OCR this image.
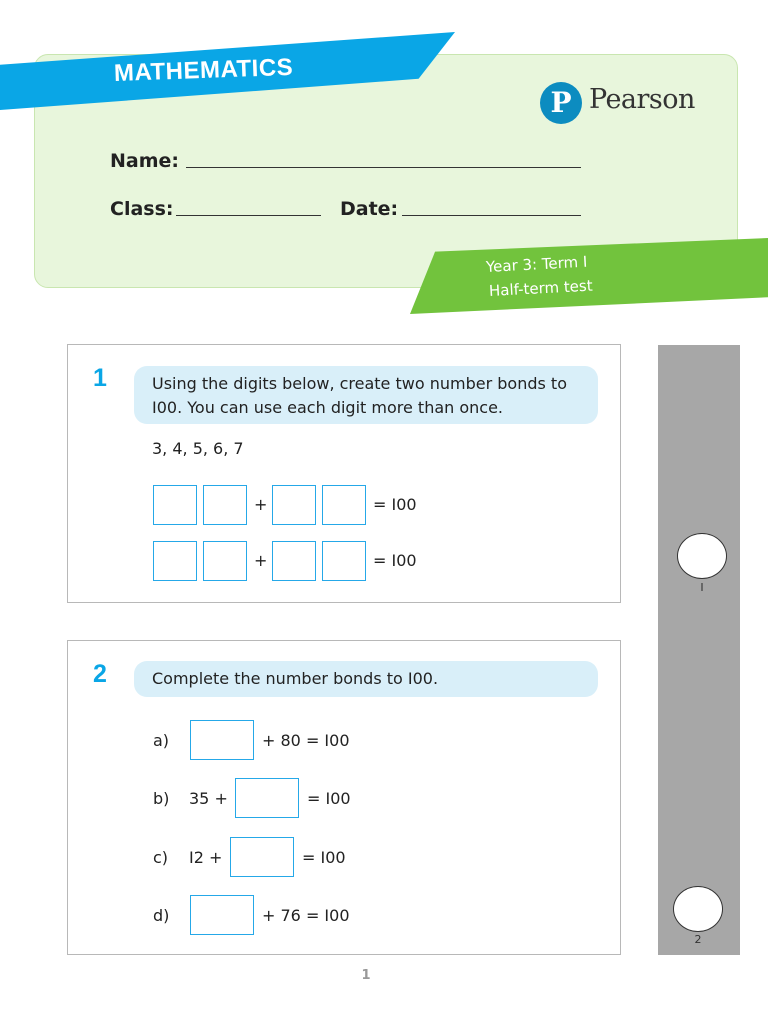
MATHEMATICS
P Pearson
Name:
Class:	Date:
Year 3: Term I
Half-term test
1	Using the digits below, create two number bonds to I00. You can use each digit more than once.
3, 4, 5, 6, 7
+	= I00
+	= I00
2	Complete the number bonds to I00.
a)	+ 80 = I00
b) 35 +	= I00
c) I2 +	= I00
d)	+ 76 = I00
I
2
1
